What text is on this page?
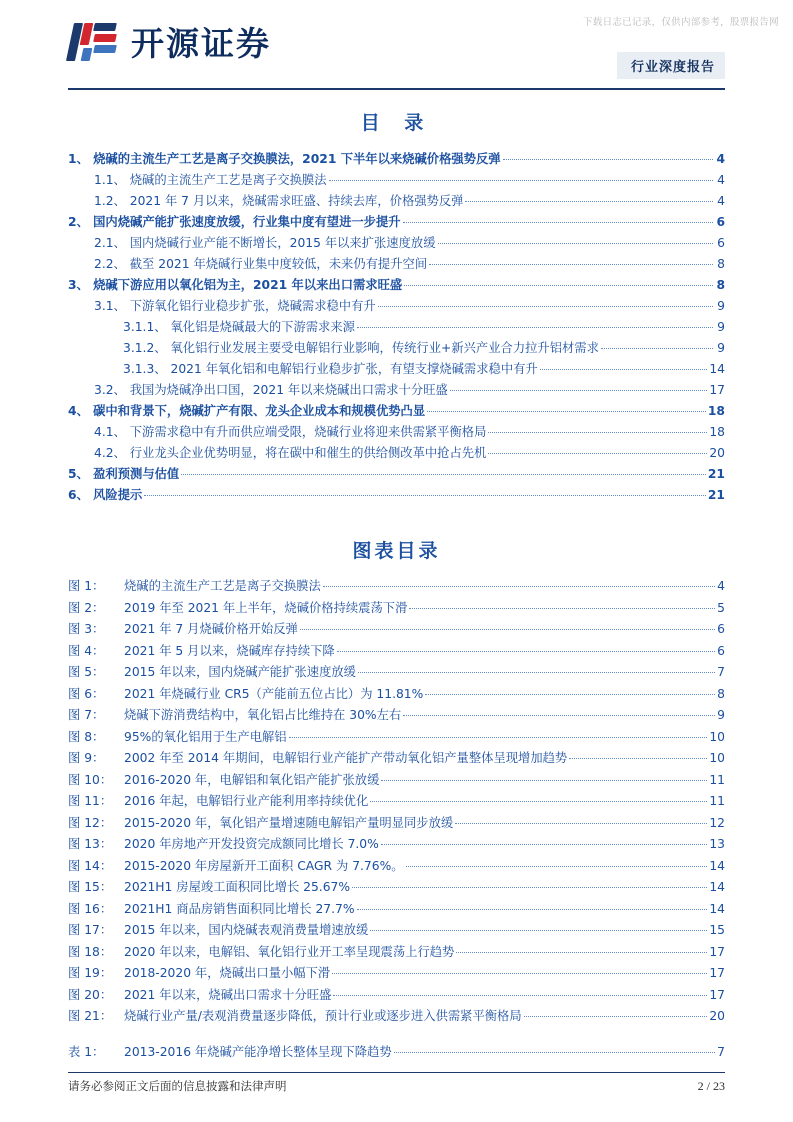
下载日志已记录，仅供内部参考，股票报告网
开源证券
行业深度报告
目 录
1、 烧碱的主流生产工艺是离子交换膜法，2021 下半年以来烧碱价格强势反弹	4
1.1、 烧碱的主流生产工艺是离子交换膜法	4
1.2、 2021 年 7 月以来，烧碱需求旺盛、持续去库，价格强势反弹	4
2、 国内烧碱产能扩张速度放缓，行业集中度有望进一步提升	6
2.1、 国内烧碱行业产能不断增长，2015 年以来扩张速度放缓	6
2.2、 截至 2021 年烧碱行业集中度较低，未来仍有提升空间	8
3、 烧碱下游应用以氧化铝为主，2021 年以来出口需求旺盛	8
3.1、 下游氧化铝行业稳步扩张，烧碱需求稳中有升	9
3.1.1、 氧化铝是烧碱最大的下游需求来源	9
3.1.2、 氧化铝行业发展主要受电解铝行业影响，传统行业+新兴产业合力拉升铝材需求	9
3.1.3、 2021 年氧化铝和电解铝行业稳步扩张，有望支撑烧碱需求稳中有升	14
3.2、 我国为烧碱净出口国，2021 年以来烧碱出口需求十分旺盛	17
4、 碳中和背景下，烧碱扩产有限、龙头企业成本和规模优势凸显	18
4.1、 下游需求稳中有升而供应端受限，烧碱行业将迎来供需紧平衡格局	18
4.2、 行业龙头企业优势明显，将在碳中和催生的供给侧改革中抢占先机	20
5、 盈利预测与估值	21
6、 风险提示	21
图表目录
图 1：	烧碱的主流生产工艺是离子交换膜法	4
图 2：	2019 年至 2021 年上半年，烧碱价格持续震荡下滑	5
图 3：	2021 年 7 月烧碱价格开始反弹	6
图 4：	2021 年 5 月以来，烧碱库存持续下降	6
图 5：	2015 年以来，国内烧碱产能扩张速度放缓	7
图 6：	2021 年烧碱行业 CR5（产能前五位占比）为 11.81%	8
图 7：	烧碱下游消费结构中，氧化铝占比维持在 30%左右	9
图 8：	95%的氧化铝用于生产电解铝	10
图 9：	2002 年至 2014 年期间，电解铝行业产能扩产带动氧化铝产量整体呈现增加趋势	10
图 10： 2016-2020 年，电解铝和氧化铝产能扩张放缓	11
图 11： 2016 年起，电解铝行业产能利用率持续优化	11
图 12： 2015-2020 年，氧化铝产量增速随电解铝产量明显同步放缓	12
图 13： 2020 年房地产开发投资完成额同比增长 7.0%	13
图 14： 2015-2020 年房屋新开工面积 CAGR 为 7.76%。	14
图 15： 2021H1 房屋竣工面积同比增长 25.67%	14
图 16： 2021H1 商品房销售面积同比增长 27.7%	14
图 17： 2015 年以来，国内烧碱表观消费量增速放缓	15
图 18： 2020 年以来，电解铝、氧化铝行业开工率呈现震荡上行趋势	17
图 19： 2018-2020 年，烧碱出口量小幅下滑	17
图 20： 2021 年以来，烧碱出口需求十分旺盛	17
图 21： 烧碱行业产量/表观消费量逐步降低，预计行业或逐步进入供需紧平衡格局	20
表 1：	2013-2016 年烧碱产能净增长整体呈现下降趋势	7
请务必参阅正文后面的信息披露和法律声明	2 / 23
